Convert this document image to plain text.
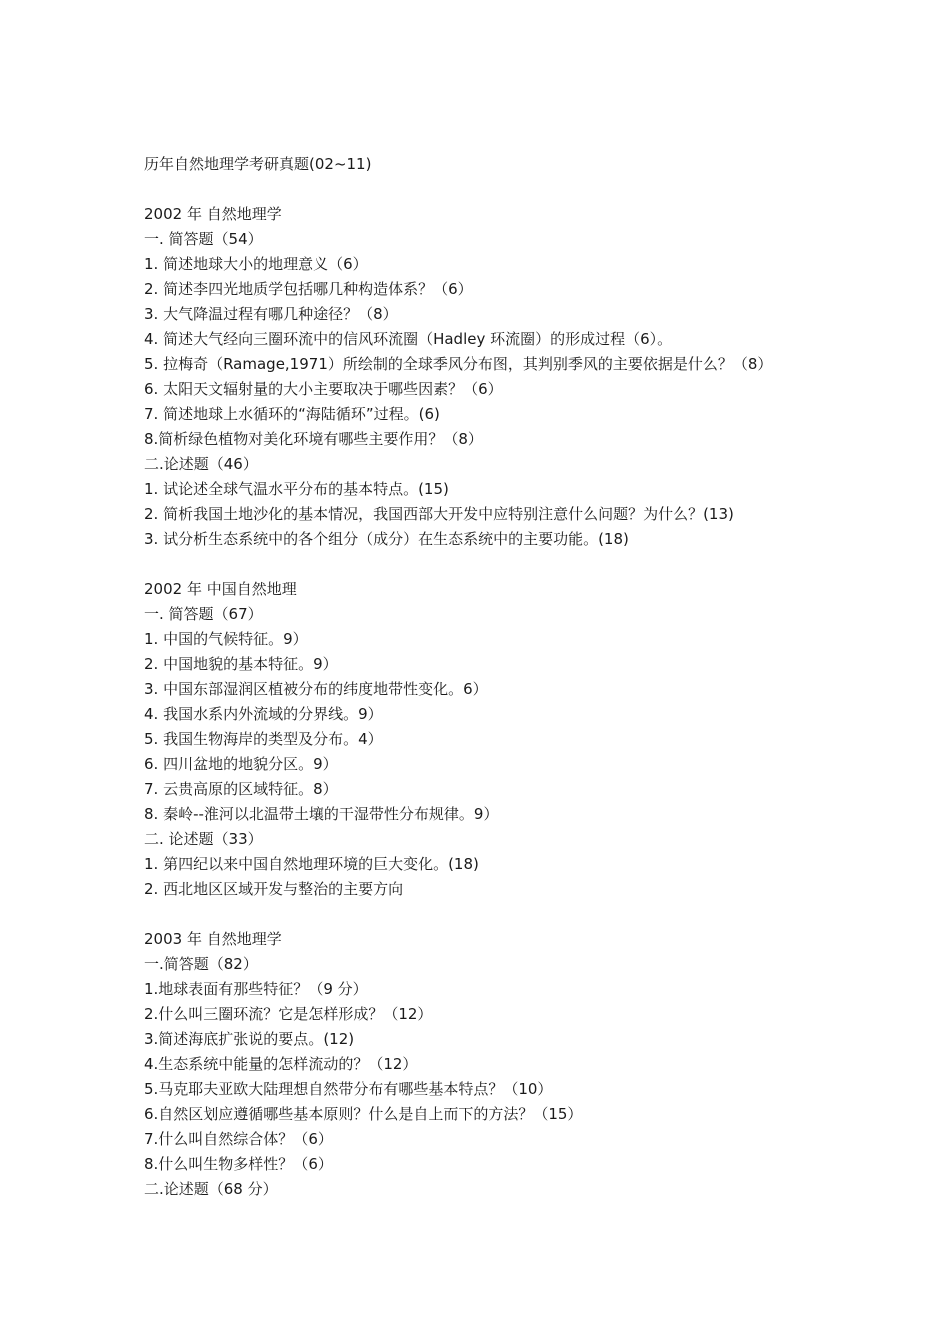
历年自然地理学考研真题(02~11)
2002 年 自然地理学
一. 简答题（54）
1. 简述地球大小的地理意义（6）
2. 简述李四光地质学包括哪几种构造体系？（6）
3. 大气降温过程有哪几种途径？（8）
4. 简述大气经向三圈环流中的信风环流圈（Hadley 环流圈）的形成过程（6）。
5. 拉梅奇（Ramage,1971）所绘制的全球季风分布图，其判别季风的主要依据是什么？（8）
6. 太阳天文辐射量的大小主要取决于哪些因素？（6）
7. 简述地球上水循环的“海陆循环”过程。(6)
8.简析绿色植物对美化环境有哪些主要作用？（8）
二.论述题（46）
1. 试论述全球气温水平分布的基本特点。(15)
2. 简析我国土地沙化的基本情况，我国西部大开发中应特别注意什么问题？为什么？(13)
3. 试分析生态系统中的各个组分（成分）在生态系统中的主要功能。(18)
2002 年 中国自然地理
一. 简答题（67）
1. 中国的气候特征。9）
2. 中国地貌的基本特征。9）
3. 中国东部湿润区植被分布的纬度地带性变化。6）
4. 我国水系内外流域的分界线。9）
5. 我国生物海岸的类型及分布。4）
6. 四川盆地的地貌分区。9）
7. 云贵高原的区域特征。8）
8. 秦岭--淮河以北温带土壤的干湿带性分布规律。9）
二. 论述题（33）
1. 第四纪以来中国自然地理环境的巨大变化。(18)
2. 西北地区区域开发与整治的主要方向
2003 年 自然地理学
一.简答题（82）
1.地球表面有那些特征？（9 分）
2.什么叫三圈环流？它是怎样形成？（12）
3.简述海底扩张说的要点。(12)
4.生态系统中能量的怎样流动的？（12）
5.马克耶夫亚欧大陆理想自然带分布有哪些基本特点？（10）
6.自然区划应遵循哪些基本原则？什么是自上而下的方法？（15）
7.什么叫自然综合体？（6）
8.什么叫生物多样性？（6）
二.论述题（68 分）
